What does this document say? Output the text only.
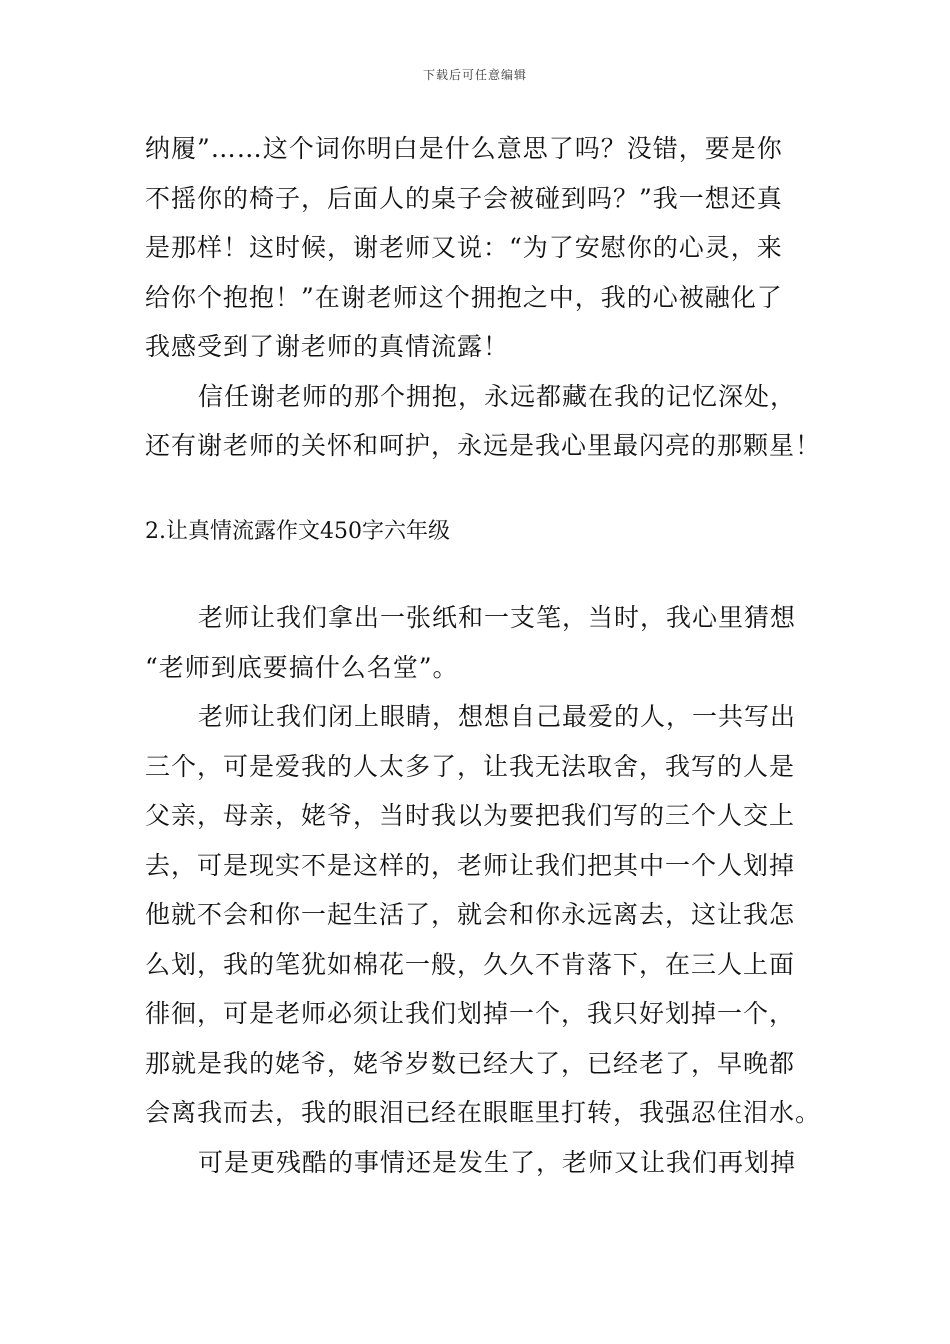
下载后可任意编辑
纳履”……这个词你明白是什么意思了吗？没错，要是你
不摇你的椅子，后面人的桌子会被碰到吗？”我一想还真
是那样！这时候，谢老师又说：“为了安慰你的心灵，来
给你个抱抱！”在谢老师这个拥抱之中，我的心被融化了
我感受到了谢老师的真情流露！
信任谢老师的那个拥抱，永远都藏在我的记忆深处，
还有谢老师的关怀和呵护，永远是我心里最闪亮的那颗星！
2.让真情流露作文450字六年级
老师让我们拿出一张纸和一支笔，当时，我心里猜想
“老师到底要搞什么名堂”。
老师让我们闭上眼睛，想想自己最爱的人，一共写出
三个，可是爱我的人太多了，让我无法取舍，我写的人是
父亲，母亲，姥爷，当时我以为要把我们写的三个人交上
去，可是现实不是这样的，老师让我们把其中一个人划掉
他就不会和你一起生活了，就会和你永远离去，这让我怎
么划，我的笔犹如棉花一般，久久不肯落下，在三人上面
徘徊，可是老师必须让我们划掉一个，我只好划掉一个，
那就是我的姥爷，姥爷岁数已经大了，已经老了，早晚都
会离我而去，我的眼泪已经在眼眶里打转，我强忍住泪水。
可是更残酷的事情还是发生了，老师又让我们再划掉
